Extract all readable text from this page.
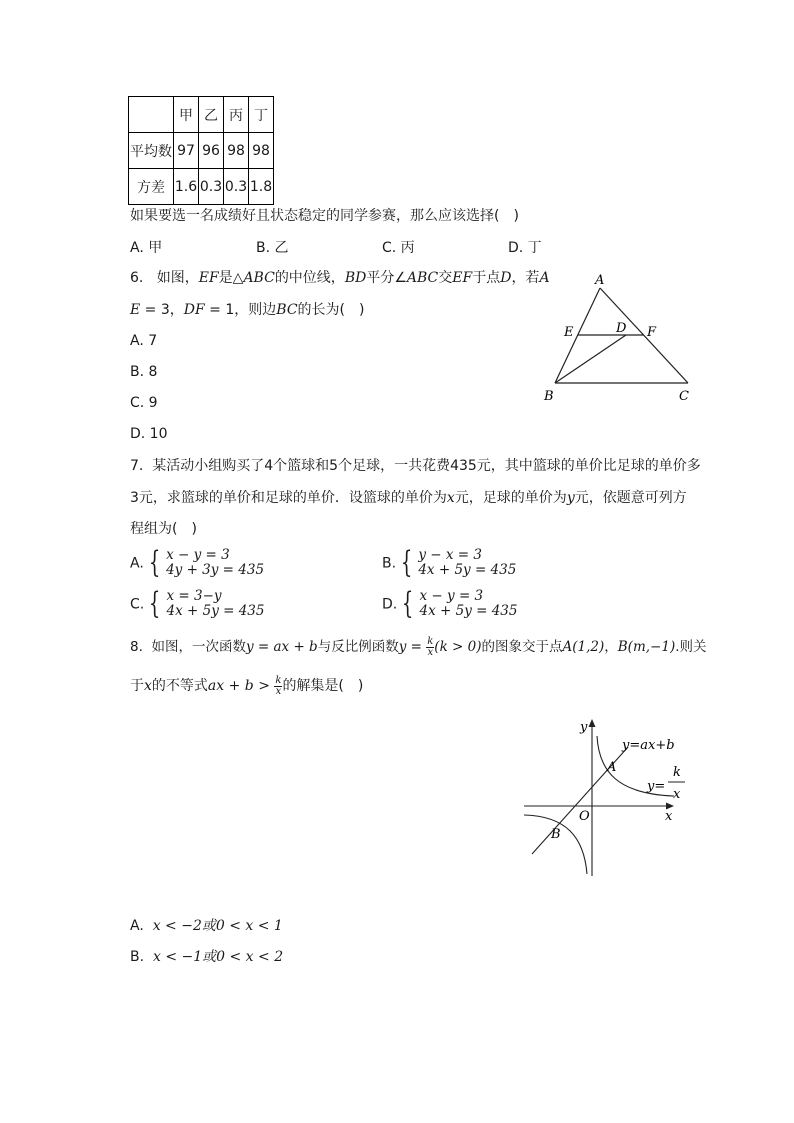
	甲	乙	丙	丁
平均数	97	96	98	98
方差	1.6	0.3	0.3	1.8
如果要选一名成绩好且状态稳定的同学参赛，那么应该选择(　)
A. 甲	B. 乙	C. 丙	D. 丁
6. 如图，EF是△ABC的中位线，BD平分∠ABC交EF于点D，若A
E = 3，DF = 1，则边BC的长为(　)
A. 7
B. 8
C. 9
D. 10
A
E	D F
B	C
7. 某活动小组购买了4个篮球和5个足球，一共花费435元，其中篮球的单价比足球的单价多
3元，求篮球的单价和足球的单价．设篮球的单价为x元，足球的单价为y元，依题意可列方
程组为(　)
A. { x − y = 3
4y + 3y = 435	B. { y − x = 3
4x + 5y = 435
C. { x = 3−y
4x + 5y = 435	D. { x − y = 3
4x + 5y = 435
8. 如图，一次函数y = ax + b与反比例函数$y = \frac{k}{x} (k > 0)$的图象交于点A(1,2)，B(m,−1).则关
于x的不等式ax + $b > \frac{k}{x}$ 的解集是(　)
y
x
O
A
B
y=ax+b
y=
k
x
A. x < −2或0 < x < 1
B. x < −1或0 < x < 2
